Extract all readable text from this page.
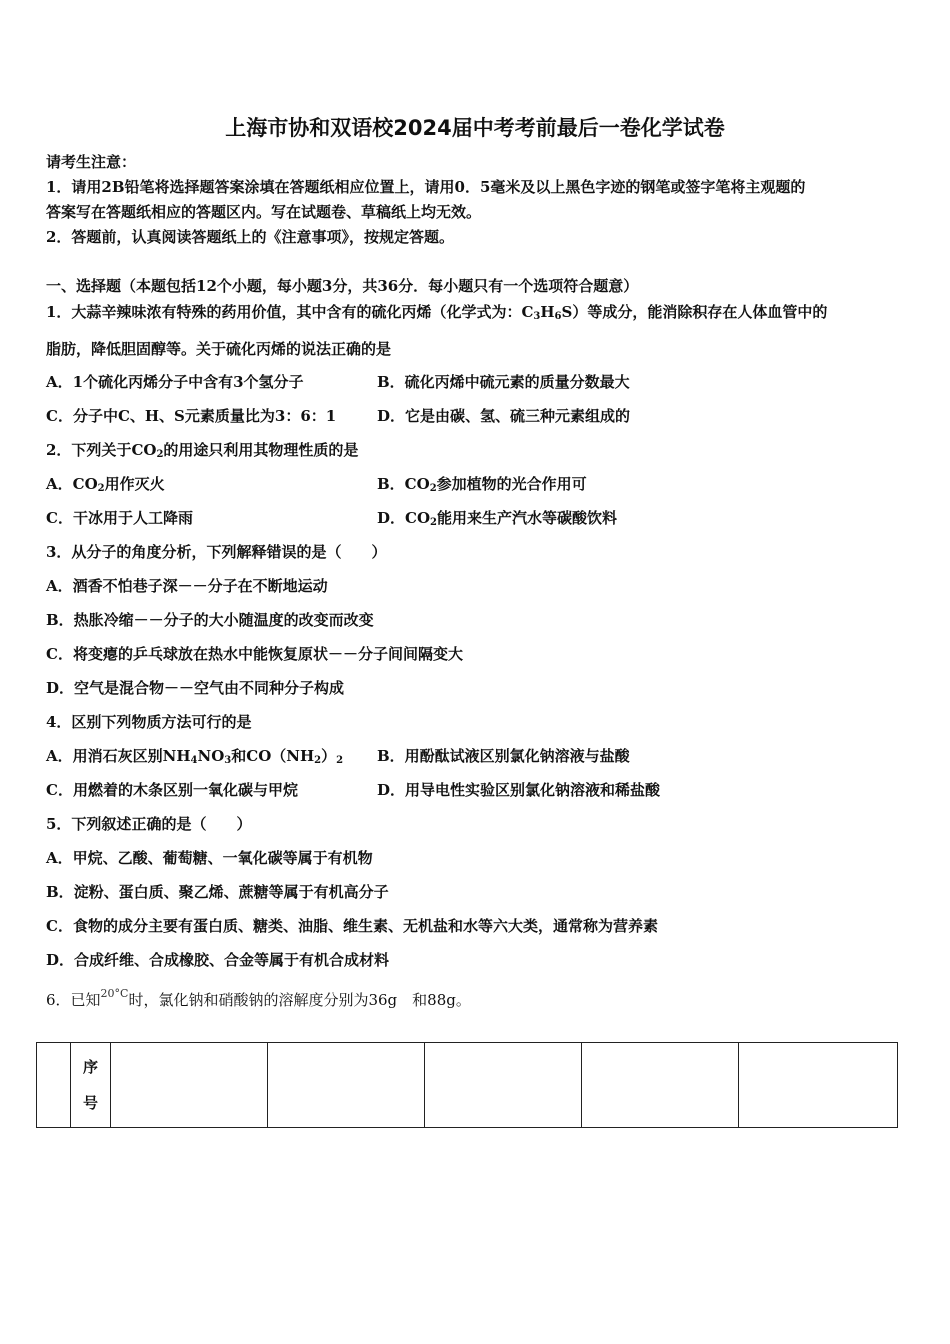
上海市协和双语校2024届中考考前最后一卷化学试卷
请考生注意：
1．请用2B铅笔将选择题答案涂填在答题纸相应位置上，请用0．5毫米及以上黑色字迹的钢笔或签字笔将主观题的
答案写在答题纸相应的答题区内。写在试题卷、草稿纸上均无效。
2．答题前，认真阅读答题纸上的《注意事项》，按规定答题。
一、选择题（本题包括12个小题，每小题3分，共36分．每小题只有一个选项符合题意）
1．大蒜辛辣味浓有特殊的药用价值，其中含有的硫化丙烯（化学式为：$C_3H_6S$）等成分，能消除积存在人体血管中的
脂肪，降低胆固醇等。关于硫化丙烯的说法正确的是
A．1个硫化丙烯分子中含有3个氢分子	B．硫化丙烯中硫元素的质量分数最大
C．分子中C、H、S元素质量比为3：6：1	D．它是由碳、氢、硫三种元素组成的
2．下列关于$CO_2$的用途只利用其物理性质的是
A．$CO_2$用作灭火	B．$CO_2$参加植物的光合作用可
C．干冰用于人工降雨	D．$CO_2$能用来生产汽水等碳酸饮料
3．从分子的角度分析，下列解释错误的是（　　）
A．酒香不怕巷子深－－分子在不断地运动
B．热胀冷缩－－分子的大小随温度的改变而改变
C．将变瘪的乒乓球放在热水中能恢复原状－－分子间间隔变大
D．空气是混合物－－空气由不同种分子构成
4．区别下列物质方法可行的是
A．用消石灰区别$NH_4NO_3$和$CO(NH_2)_2$ B．用酚酞试液区别氯化钠溶液与盐酸
C．用燃着的木条区别一氧化碳与甲烷	D．用导电性实验区别氯化钠溶液和稀盐酸
5．下列叙述正确的是（　　）
A．甲烷、乙酸、葡萄糖、一氧化碳等属于有机物
B．淀粉、蛋白质、聚乙烯、蔗糖等属于有机高分子
C．食物的成分主要有蛋白质、糖类、油脂、维生素、无机盐和水等六大类，通常称为营养素
D．合成纤维、合成橡胶、合金等属于有机合成材料
6．已知$^{20^\circ C}$时，氯化钠和硝酸钠的溶解度分别为36g　和88g。

序
号
